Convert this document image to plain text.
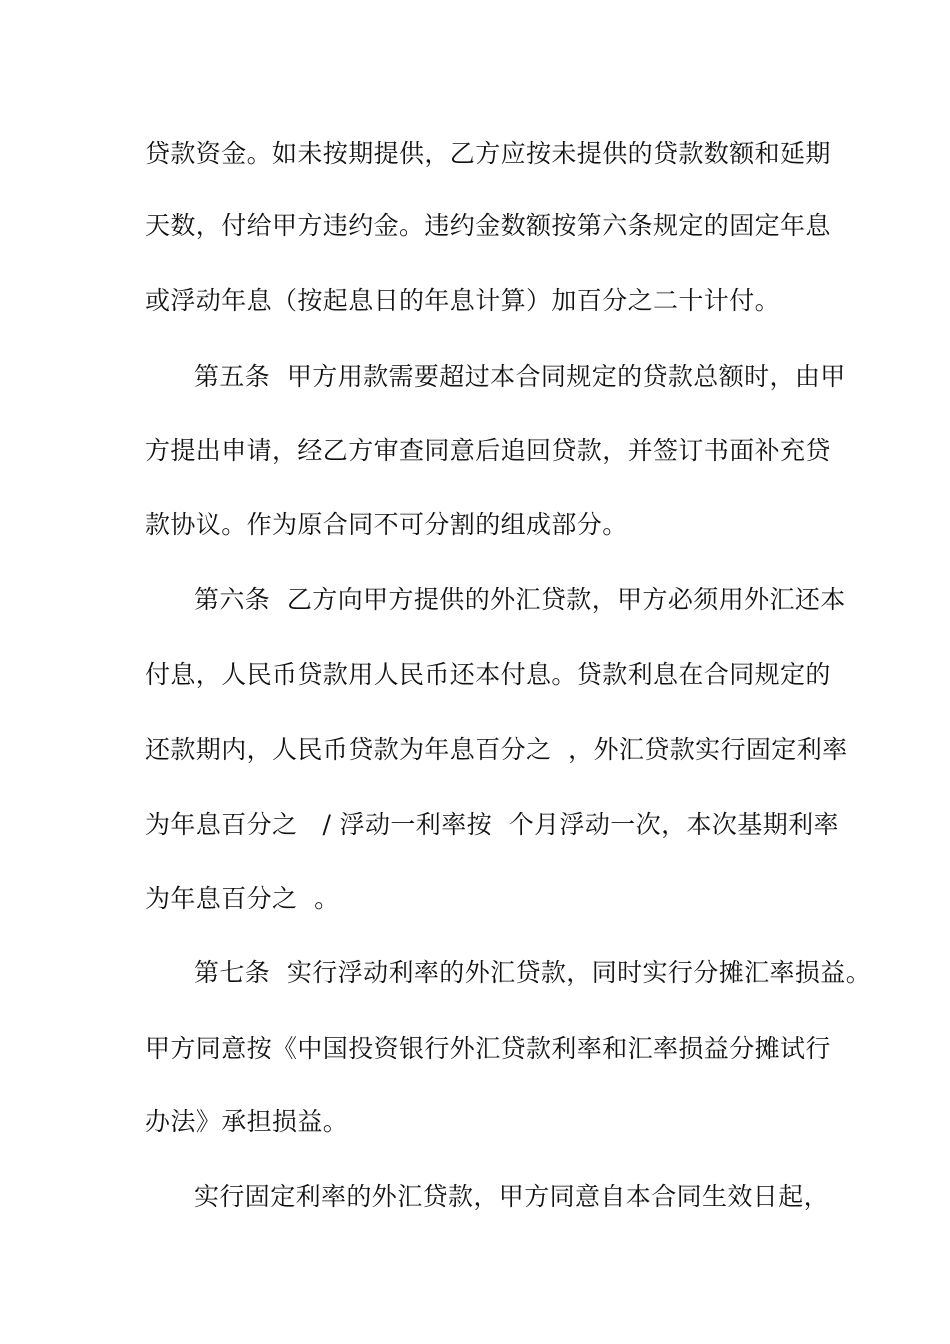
贷款资金。如未按期提供，乙方应按未提供的贷款数额和延期
天数，付给甲方违约金。违约金数额按第六条规定的固定年息
或浮动年息（按起息日的年息计算）加百分之二十计付。
第五条  甲方用款需要超过本合同规定的贷款总额时，由甲
方提出申请，经乙方审查同意后追回贷款，并签订书面补充贷
款协议。作为原合同不可分割的组成部分。
第六条  乙方向甲方提供的外汇贷款，甲方必须用外汇还本
付息，人民币贷款用人民币还本付息。贷款利息在合同规定的
还款期内，人民币贷款为年息百分之  ，外汇贷款实行固定利率
为年息百分之   / 浮动一利率按  个月浮动一次，本次基期利率
为年息百分之  。
第七条  实行浮动利率的外汇贷款，同时实行分摊汇率损益。
甲方同意按《中国投资银行外汇贷款利率和汇率损益分摊试行
办法》承担损益。
实行固定利率的外汇贷款，甲方同意自本合同生效日起，
